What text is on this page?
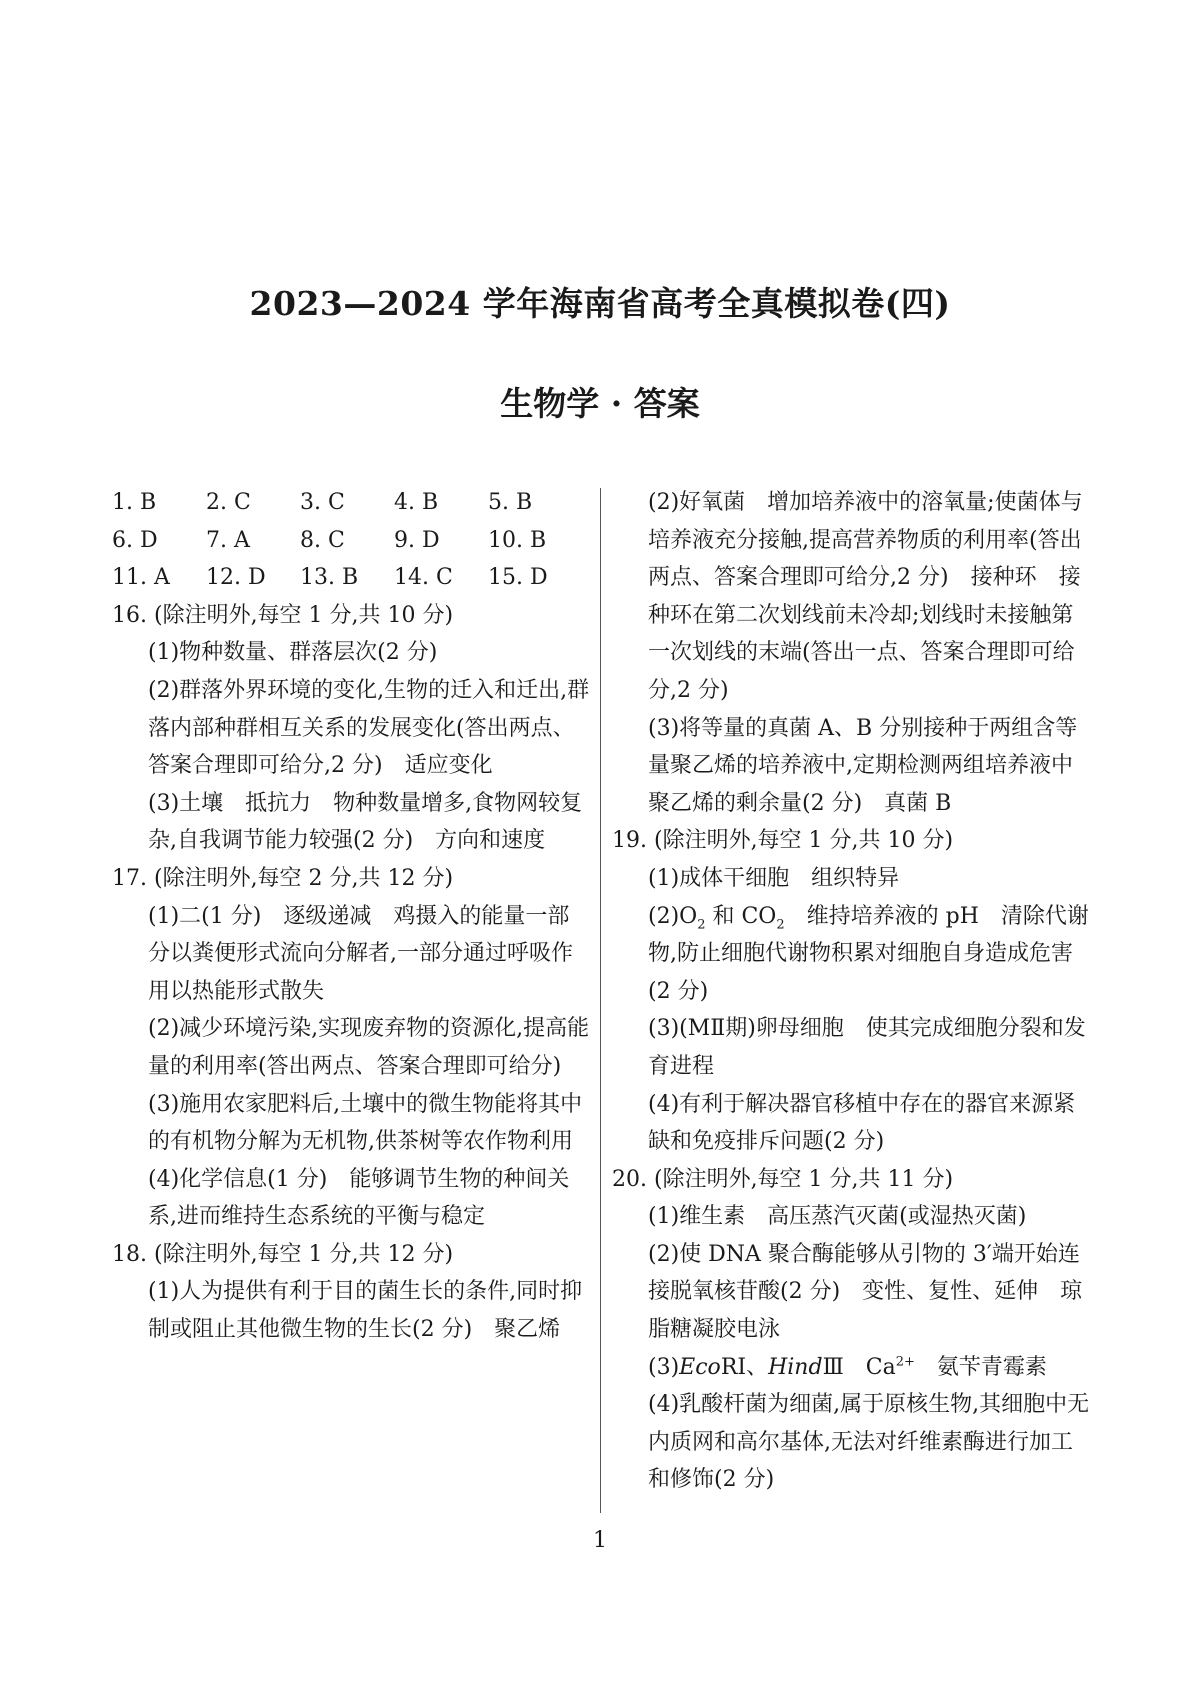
2023—2024 学年海南省高考全真模拟卷(四)
生物学 · 答案
1. B	2. C	3. C	4. B	5. B
6. D	7. A	8. C	9. D	10. B
11. A	12. D	13. B	14. C	15. D
16. (除注明外,每空 1 分,共 10 分)
(1)物种数量、群落层次(2 分)
(2)群落外界环境的变化,生物的迁入和迁出,群落内部种群相互关系的发展变化(答出两点、答案合理即可给分,2 分)　适应变化
(3)土壤　抵抗力　物种数量增多,食物网较复杂,自我调节能力较强(2 分)　方向和速度
17. (除注明外,每空 2 分,共 12 分)
(1)二(1 分)　逐级递减　鸡摄入的能量一部分以粪便形式流向分解者,一部分通过呼吸作用以热能形式散失
(2)减少环境污染,实现废弃物的资源化,提高能量的利用率(答出两点、答案合理即可给分)
(3)施用农家肥料后,土壤中的微生物能将其中的有机物分解为无机物,供茶树等农作物利用
(4)化学信息(1 分)　能够调节生物的种间关系,进而维持生态系统的平衡与稳定
18. (除注明外,每空 1 分,共 12 分)
(1)人为提供有利于目的菌生长的条件,同时抑制或阻止其他微生物的生长(2 分)　聚乙烯
(2)好氧菌　增加培养液中的溶氧量;使菌体与培养液充分接触,提高营养物质的利用率(答出两点、答案合理即可给分,2 分)　接种环　接种环在第二次划线前未冷却;划线时未接触第一次划线的末端(答出一点、答案合理即可给分,2 分)
(3)将等量的真菌 A、B 分别接种于两组含等量聚乙烯的培养液中,定期检测两组培养液中聚乙烯的剩余量(2 分)　真菌 B
19. (除注明外,每空 1 分,共 10 分)
(1)成体干细胞　组织特异
$(2)O_2$ 和 $CO_2$　维持培养液的 pH　清除代谢物,防止细胞代谢物积累对细胞自身造成危害(2 分)
(3)(MⅡ期)卵母细胞　使其完成细胞分裂和发育进程
(4)有利于解决器官移植中存在的器官来源紧缺和免疫排斥问题(2 分)
20. (除注明外,每空 1 分,共 11 分)
(1)维生素　高压蒸汽灭菌(或湿热灭菌)
(2)使 DNA 聚合酶能够从引物的 3′端开始连接脱氧核苷酸(2 分)　变性、复性、延伸　琼脂糖凝胶电泳
(3)EcoRⅠ、HindⅢ　$Ca^{2+}$　氨苄青霉素
(4)乳酸杆菌为细菌,属于原核生物,其细胞中无内质网和高尔基体,无法对纤维素酶进行加工和修饰(2 分)
1
